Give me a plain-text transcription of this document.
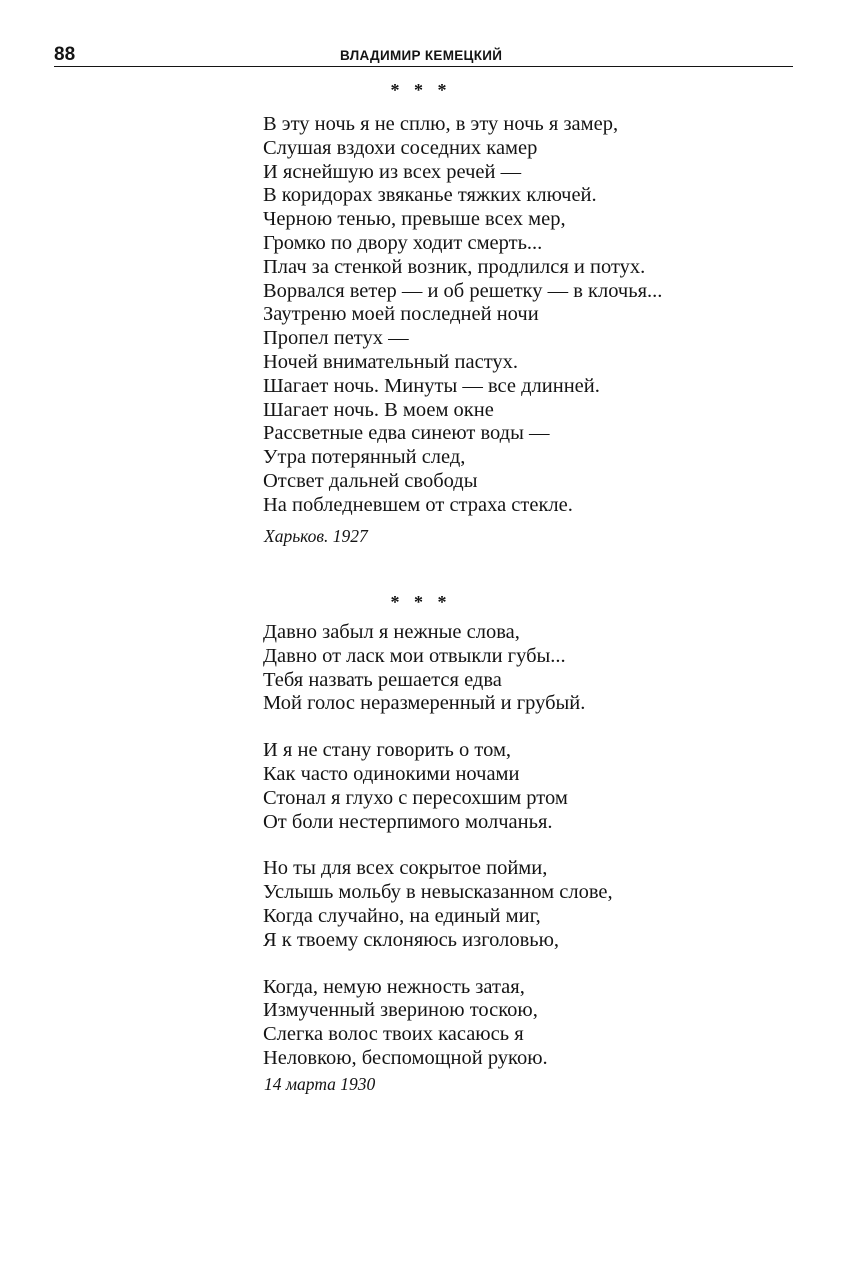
88	ВЛАДИМИР КЕМЕЦКИЙ
* * *
В эту ночь я не сплю, в эту ночь я замер,
Слушая вздохи соседних камер
И яснейшую из всех речей —
В коридорах звяканье тяжких ключей.
Черною тенью, превыше всех мер,
Громко по двору ходит смерть...
Плач за стенкой возник, продлился и потух.
Ворвался ветер — и об решетку — в клочья...
Заутреню моей последней ночи
Пропел петух —
Ночей внимательный пастух.
Шагает ночь. Минуты — все длинней.
Шагает ночь. В моем окне
Рассветные едва синеют воды —
Утра потерянный след,
Отсвет дальней свободы
На побледневшем от страха стекле.
Харьков. 1927
* * *
Давно забыл я нежные слова,
Давно от ласк мои отвыкли губы...
Тебя назвать решается едва
Мой голос неразмеренный и грубый.
И я не стану говорить о том,
Как часто одинокими ночами
Стонал я глухо с пересохшим ртом
От боли нестерпимого молчанья.
Но ты для всех сокрытое пойми,
Услышь мольбу в невысказанном слове,
Когда случайно, на единый миг,
Я к твоему склоняюсь изголовью,
Когда, немую нежность затая,
Измученный звериною тоскою,
Слегка волос твоих касаюсь я
Неловкою, беспомощной рукою.
14 марта 1930
